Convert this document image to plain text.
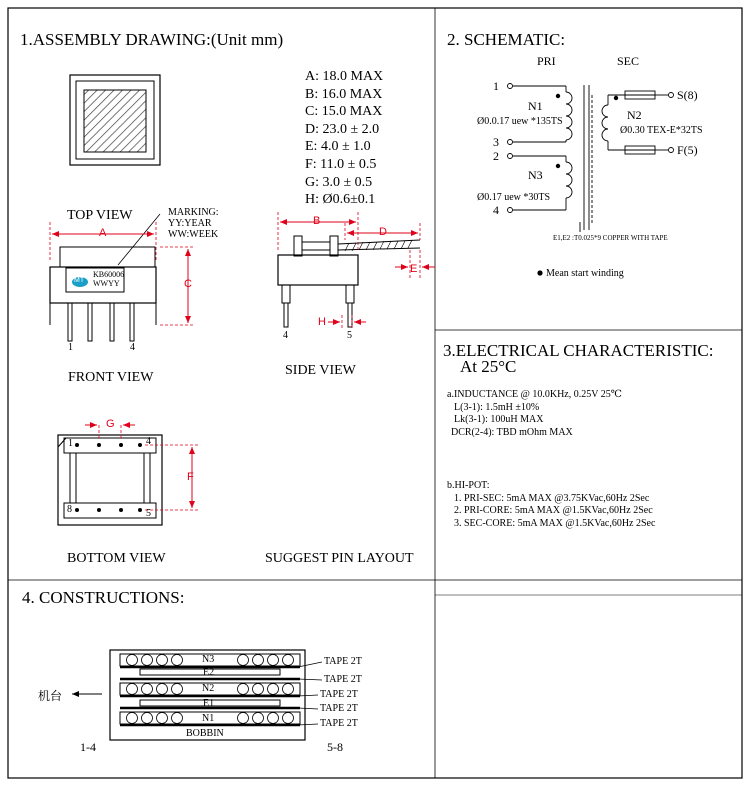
1.ASSEMBLY DRAWING:(Unit mm)	2. SCHEMATIC:
3.ELECTRICAL CHARACTERISTIC:
At 25°C
4. CONSTRUCTIONS:
A: 18.0 MAX
B: 16.0 MAX
C: 15.0 MAX
D: 23.0 ± 2.0
E: 4.0 ± 1.0
F: 11.0 ± 0.5
G: 3.0 ± 0.5
H: Ø0.6±0.1
TOP VIEW
FRONT VIEW	SIDE VIEW
BOTTOM VIEW	SUGGEST PIN LAYOUT
MARKING:
YY:YEAR
WW:WEEK
KB60006
WWYY
MT
A
C
B
D
E
H
G
F
1	4
4	5
1	4
8	5
PRI	SEC
1
3
2
4
N1
Ø0.0.17 uew *135TS
N3
Ø0.17 uew *30TS
N2
Ø0.30 TEX-E*32TS
S(8)
F(5)
E1,E2 :T0.025*9 COPPER WITH TAPE
Mean start winding
a.INDUCTANCE @ 10.0KHz, 0.25V 25℃
L(3-1): 1.5mH ±10%
Lk(3-1): 100uH MAX
DCR(2-4): TBD mOhm MAX
b.HI-POT:
1. PRI-SEC: 5mA MAX @3.75KVac,60Hz 2Sec
2. PRI-CORE: 5mA MAX @1.5KVac,60Hz 2Sec
3. SEC-CORE: 5mA MAX @1.5KVac,60Hz 2Sec
N3
E2
N2
E1
N1
BOBBIN
TAPE 2T
TAPE 2T
TAPE 2T
TAPE 2T
TAPE 2T
机台
1-4	5-8
